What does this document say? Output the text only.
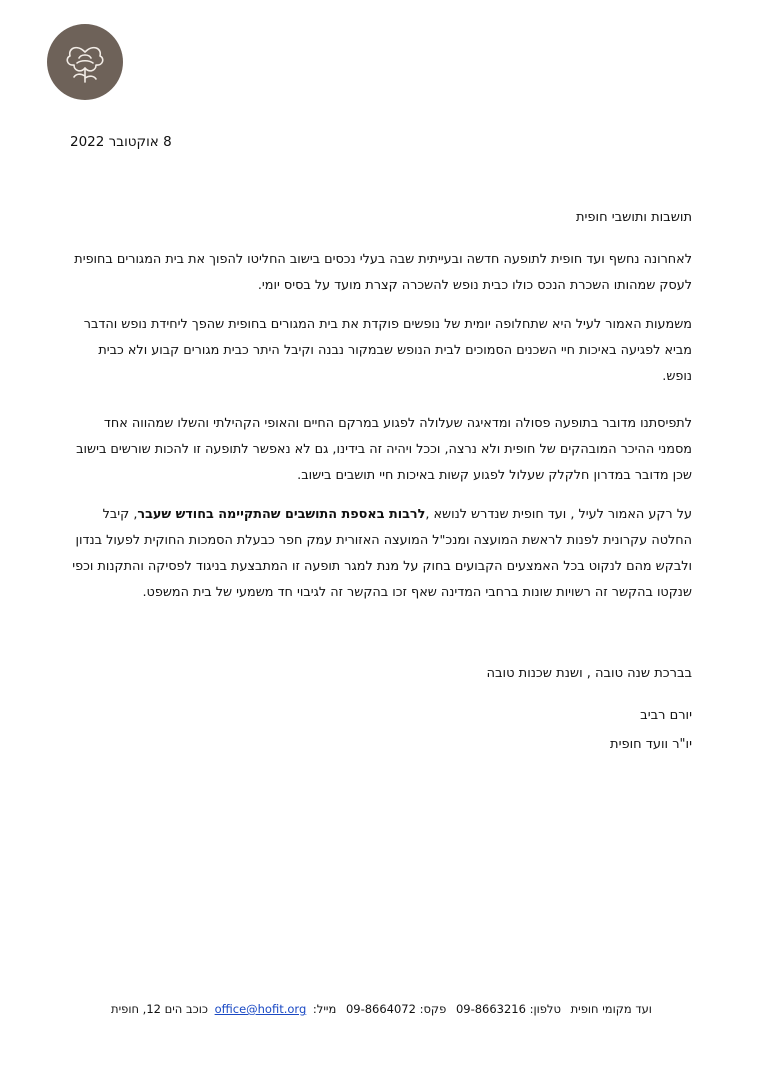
8 אוקטובר 2022
תושבות ותושבי חופית
לאחרונה נחשף ועד חופית לתופעה חדשה ובעייתית שבה בעלי נכסים בישוב החליטו להפוך את בית המגורים בחופית לעסק שמהותו השכרת הנכס כולו כבית נופש להשכרה קצרת מועד על בסיס יומי.
משמעות האמור לעיל היא שתחלופה יומית של נופשים פוקדת את בית המגורים בחופית שהפך ליחידת נופש והדבר מביא לפגיעה באיכות חיי השכנים הסמוכים לבית הנופש שבמקור נבנה וקיבל היתר כבית מגורים קבוע ולא כבית נופש.
לתפיסתנו מדובר בתופעה פסולה ומדאיגה שעלולה לפגוע במרקם החיים והאופי הקהילתי והשלו שמהווה אחד מסמני ההיכר המובהקים של חופית ולא נרצה, וככל ויהיה זה בידינו, גם לא נאפשר לתופעה זו להכות שורשים בישוב שכן מדובר במדרון חלקלק שעלול לפגוע קשות באיכות חיי תושבים בישוב.
על רקע האמור לעיל , ועד חופית שנדרש לנושא ,לרבות באספת התושבים שהתקיימה בחודש שעבר, קיבל החלטה עקרונית לפנות לראשת המועצה ומנכ"ל המועצה האזורית עמק חפר כבעלת הסמכות החוקית לפעול בנדון ולבקש מהם לנקוט בכל האמצעים הקבועים בחוק על מנת למגר תופעה זו המתבצעת בניגוד לפסיקה והתקנות וכפי שנקטו בהקשר זה רשויות שונות ברחבי המדינה שאף זכו בהקשר זה לגיבוי חד משמעי של בית המשפט.
בברכת שנה טובה , ושנת שכנות טובה
יורם רביב
יו"ר וועד חופית
ועד מקומי חופית טלפון: 09-8663216 פקס: 09-8664072 מייל: office@hofit.org כוכב הים 12, חופית
